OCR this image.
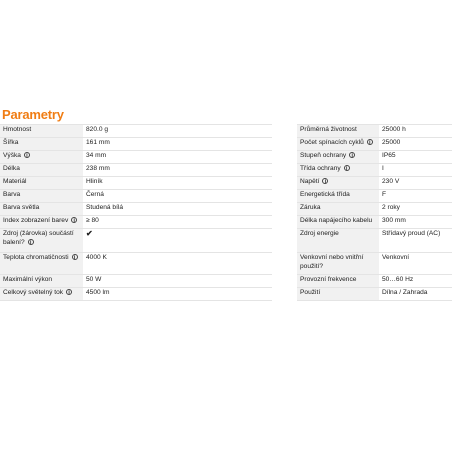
Parametry
Hmotnost	820.0 g
Šířka	161 mm
Výška i	34 mm
Délka	238 mm
Materiál	Hliník
Barva	Černá
Barva světla	Studená bílá
Index zobrazení barev i	≥ 80
Zdroj (žárovka) součástí balení? i	✔
Teplota chromatičnosti i	4000 K
Maximální výkon	50 W
Celkový světelný tok i	4500 lm
Průměrná životnost	25000 h
Počet spínacích cyklů i	25000
Stupeň ochrany i	IP65
Třída ochrany i	I
Napětí i	230 V
Energetická třída	F
Záruka	2 roky
Délka napájecího kabelu	300 mm
Zdroj energie	Střídavý proud (AC)
Venkovní nebo vnitřní použití?	Venkovní
Provozní frekvence	50…60 Hz
Použití	Dílna / Zahrada
